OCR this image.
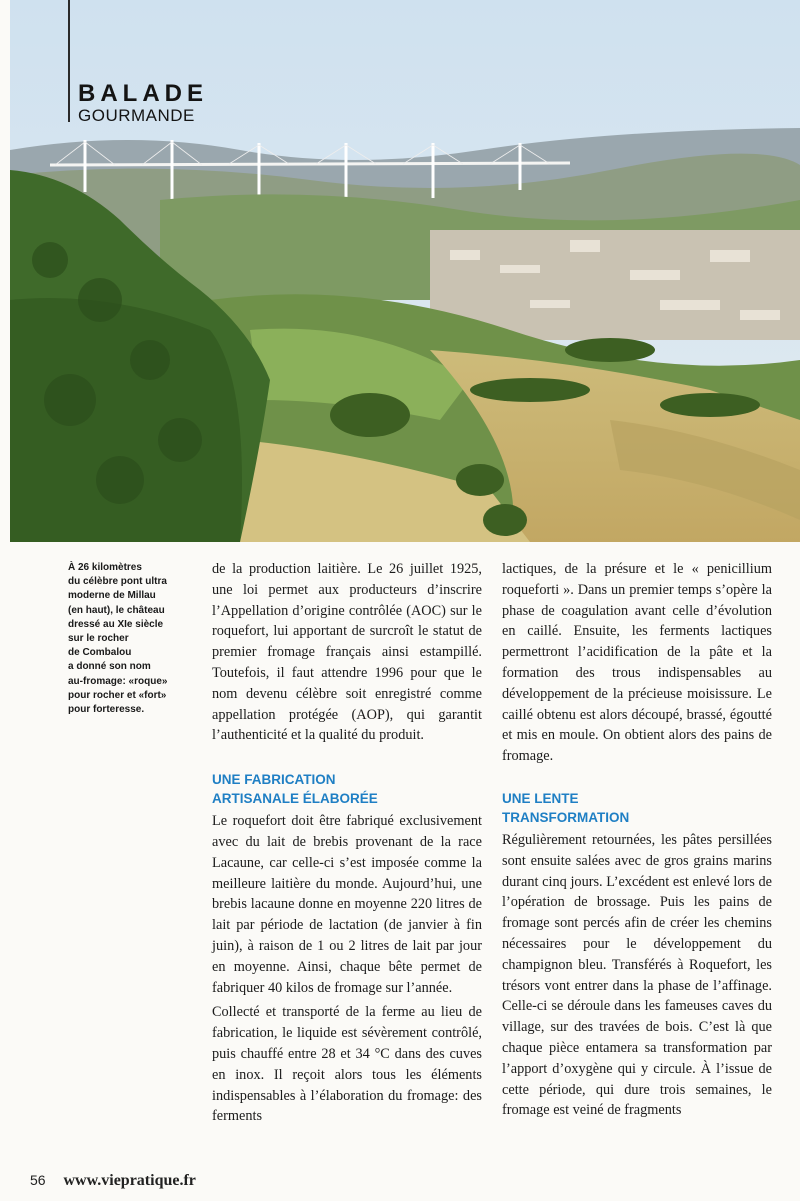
BALADE
GOURMANDE

À 26 kilomètres

du célèbre pont ultra

moderne de Millau

(en haut), le château

dressé au XIe siècle

sur le rocher

de Combalou

a donné son nom

au-fromage: «roque»

pour rocher et «fort»

pour forteresse.

de la production laitière. Le 26 juillet 1925, une loi permet aux producteurs d’inscrire l’Appellation d’origine contrôlée (AOC) sur le roquefort, lui apportant de surcroît le statut de premier fromage français ainsi estampillé. Toutefois, il faut attendre 1996 pour que le nom devenu célèbre soit enregistré comme appellation protégée (AOP), qui garantit l’authenticité et la qualité du produit.

UNE FABRICATION
ARTISANALE ÉLABORÉE

Le roquefort doit être fabriqué exclusivement avec du lait de brebis provenant de la race Lacaune, car celle-ci s’est imposée comme la meilleure laitière du monde. Aujourd’hui, une brebis lacaune donne en moyenne 220 litres de lait par période de lactation (de janvier à fin juin), à raison de 1 ou 2 litres de lait par jour en moyenne. Ainsi, chaque bête permet de fabriquer 40 kilos de fromage sur l’année.

Collecté et transporté de la ferme au lieu de fabrication, le liquide est sévèrement contrôlé, puis chauffé entre 28 et 34 °C dans des cuves en inox. Il reçoit alors tous les éléments indispensables à l’élaboration du fromage: des ferments

lactiques, de la présure et le « penicillium roqueforti ». Dans un premier temps s’opère la phase de coagulation avant celle d’évolution en caillé. Ensuite, les ferments lactiques permettront l’acidification de la pâte et la formation des trous indispensables au développement de la précieuse moisissure. Le caillé obtenu est alors découpé, brassé, égoutté et mis en moule. On obtient alors des pains de fromage.

UNE LENTE
TRANSFORMATION

Régulièrement retournées, les pâtes persillées sont ensuite salées avec de gros grains marins durant cinq jours. L’excédent est enlevé lors de l’opération de brossage. Puis les pains de fromage sont percés afin de créer les chemins nécessaires pour le développement du champignon bleu. Transférés à Roquefort, les trésors vont entrer dans la phase de l’affinage. Celle-ci se déroule dans les fameuses caves du village, sur des travées de bois. C’est là que chaque pièce entamera sa transformation par l’apport d’oxygène qui y circule. À l’issue de cette période, qui dure trois semaines, le fromage est veiné de fragments

56 www.viepratique.fr
